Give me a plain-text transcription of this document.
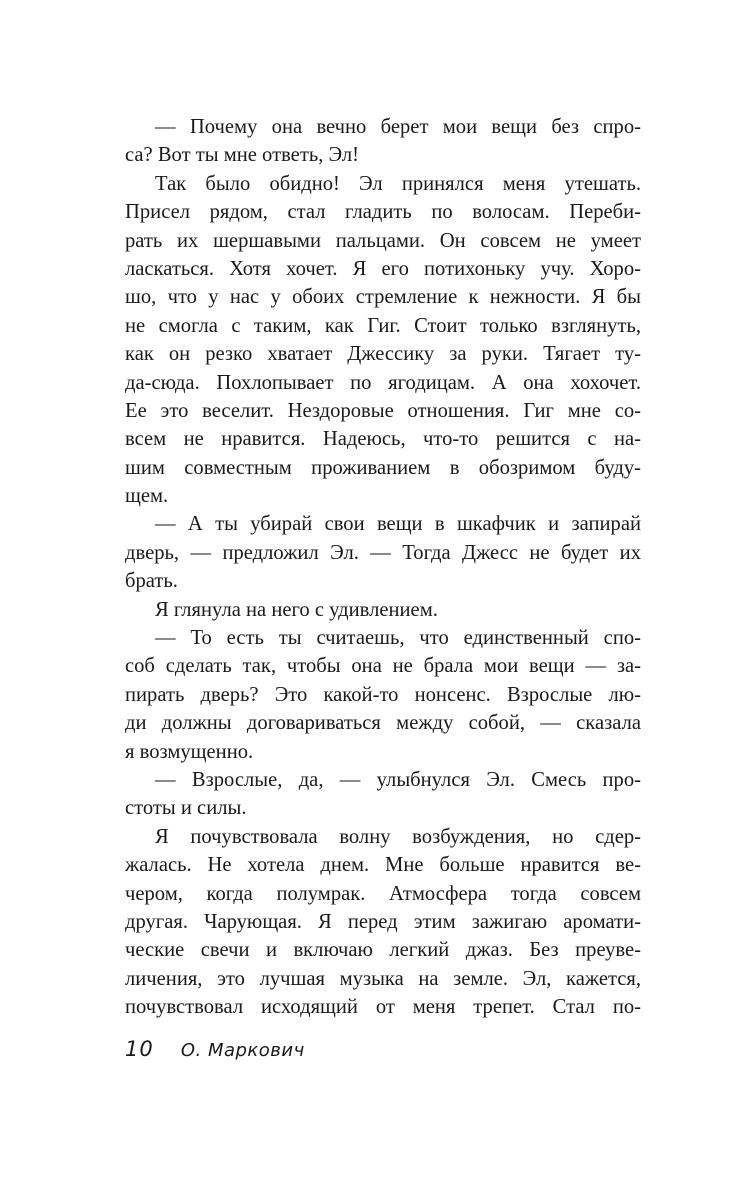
— Почему она вечно берет мои вещи без спро-
са? Вот ты мне ответь, Эл!
Так было обидно! Эл принялся меня утешать.
Присел рядом, стал гладить по волосам. Переби-
рать их шершавыми пальцами. Он совсем не умеет
ласкаться. Хотя хочет. Я его потихоньку учу. Хоро-
шо, что у нас у обоих стремление к нежности. Я бы
не смогла с таким, как Гиг. Стоит только взглянуть,
как он резко хватает Джессику за руки. Тягает ту-
да-сюда. Похлопывает по ягодицам. А она хохочет.
Ее это веселит. Нездоровые отношения. Гиг мне со-
всем не нравится. Надеюсь, что-то решится с на-
шим совместным проживанием в обозримом буду-
щем.
— А ты убирай свои вещи в шкафчик и запирай
дверь, — предложил Эл. — Тогда Джесс не будет их
брать.
Я глянула на него с удивлением.
— То есть ты считаешь, что единственный спо-
соб сделать так, чтобы она не брала мои вещи — за-
пирать дверь? Это какой-то нонсенс. Взрослые лю-
ди должны договариваться между собой, — сказала
я возмущенно.
— Взрослые, да, — улыбнулся Эл. Смесь про-
стоты и силы.
Я почувствовала волну возбуждения, но сдер-
жалась. Не хотела днем. Мне больше нравится ве-
чером, когда полумрак. Атмосфера тогда совсем
другая. Чарующая. Я перед этим зажигаю аромати-
ческие свечи и включаю легкий джаз. Без преуве-
личения, это лучшая музыка на земле. Эл, кажется,
почувствовал исходящий от меня трепет. Стал по-
10 О. Маркович
